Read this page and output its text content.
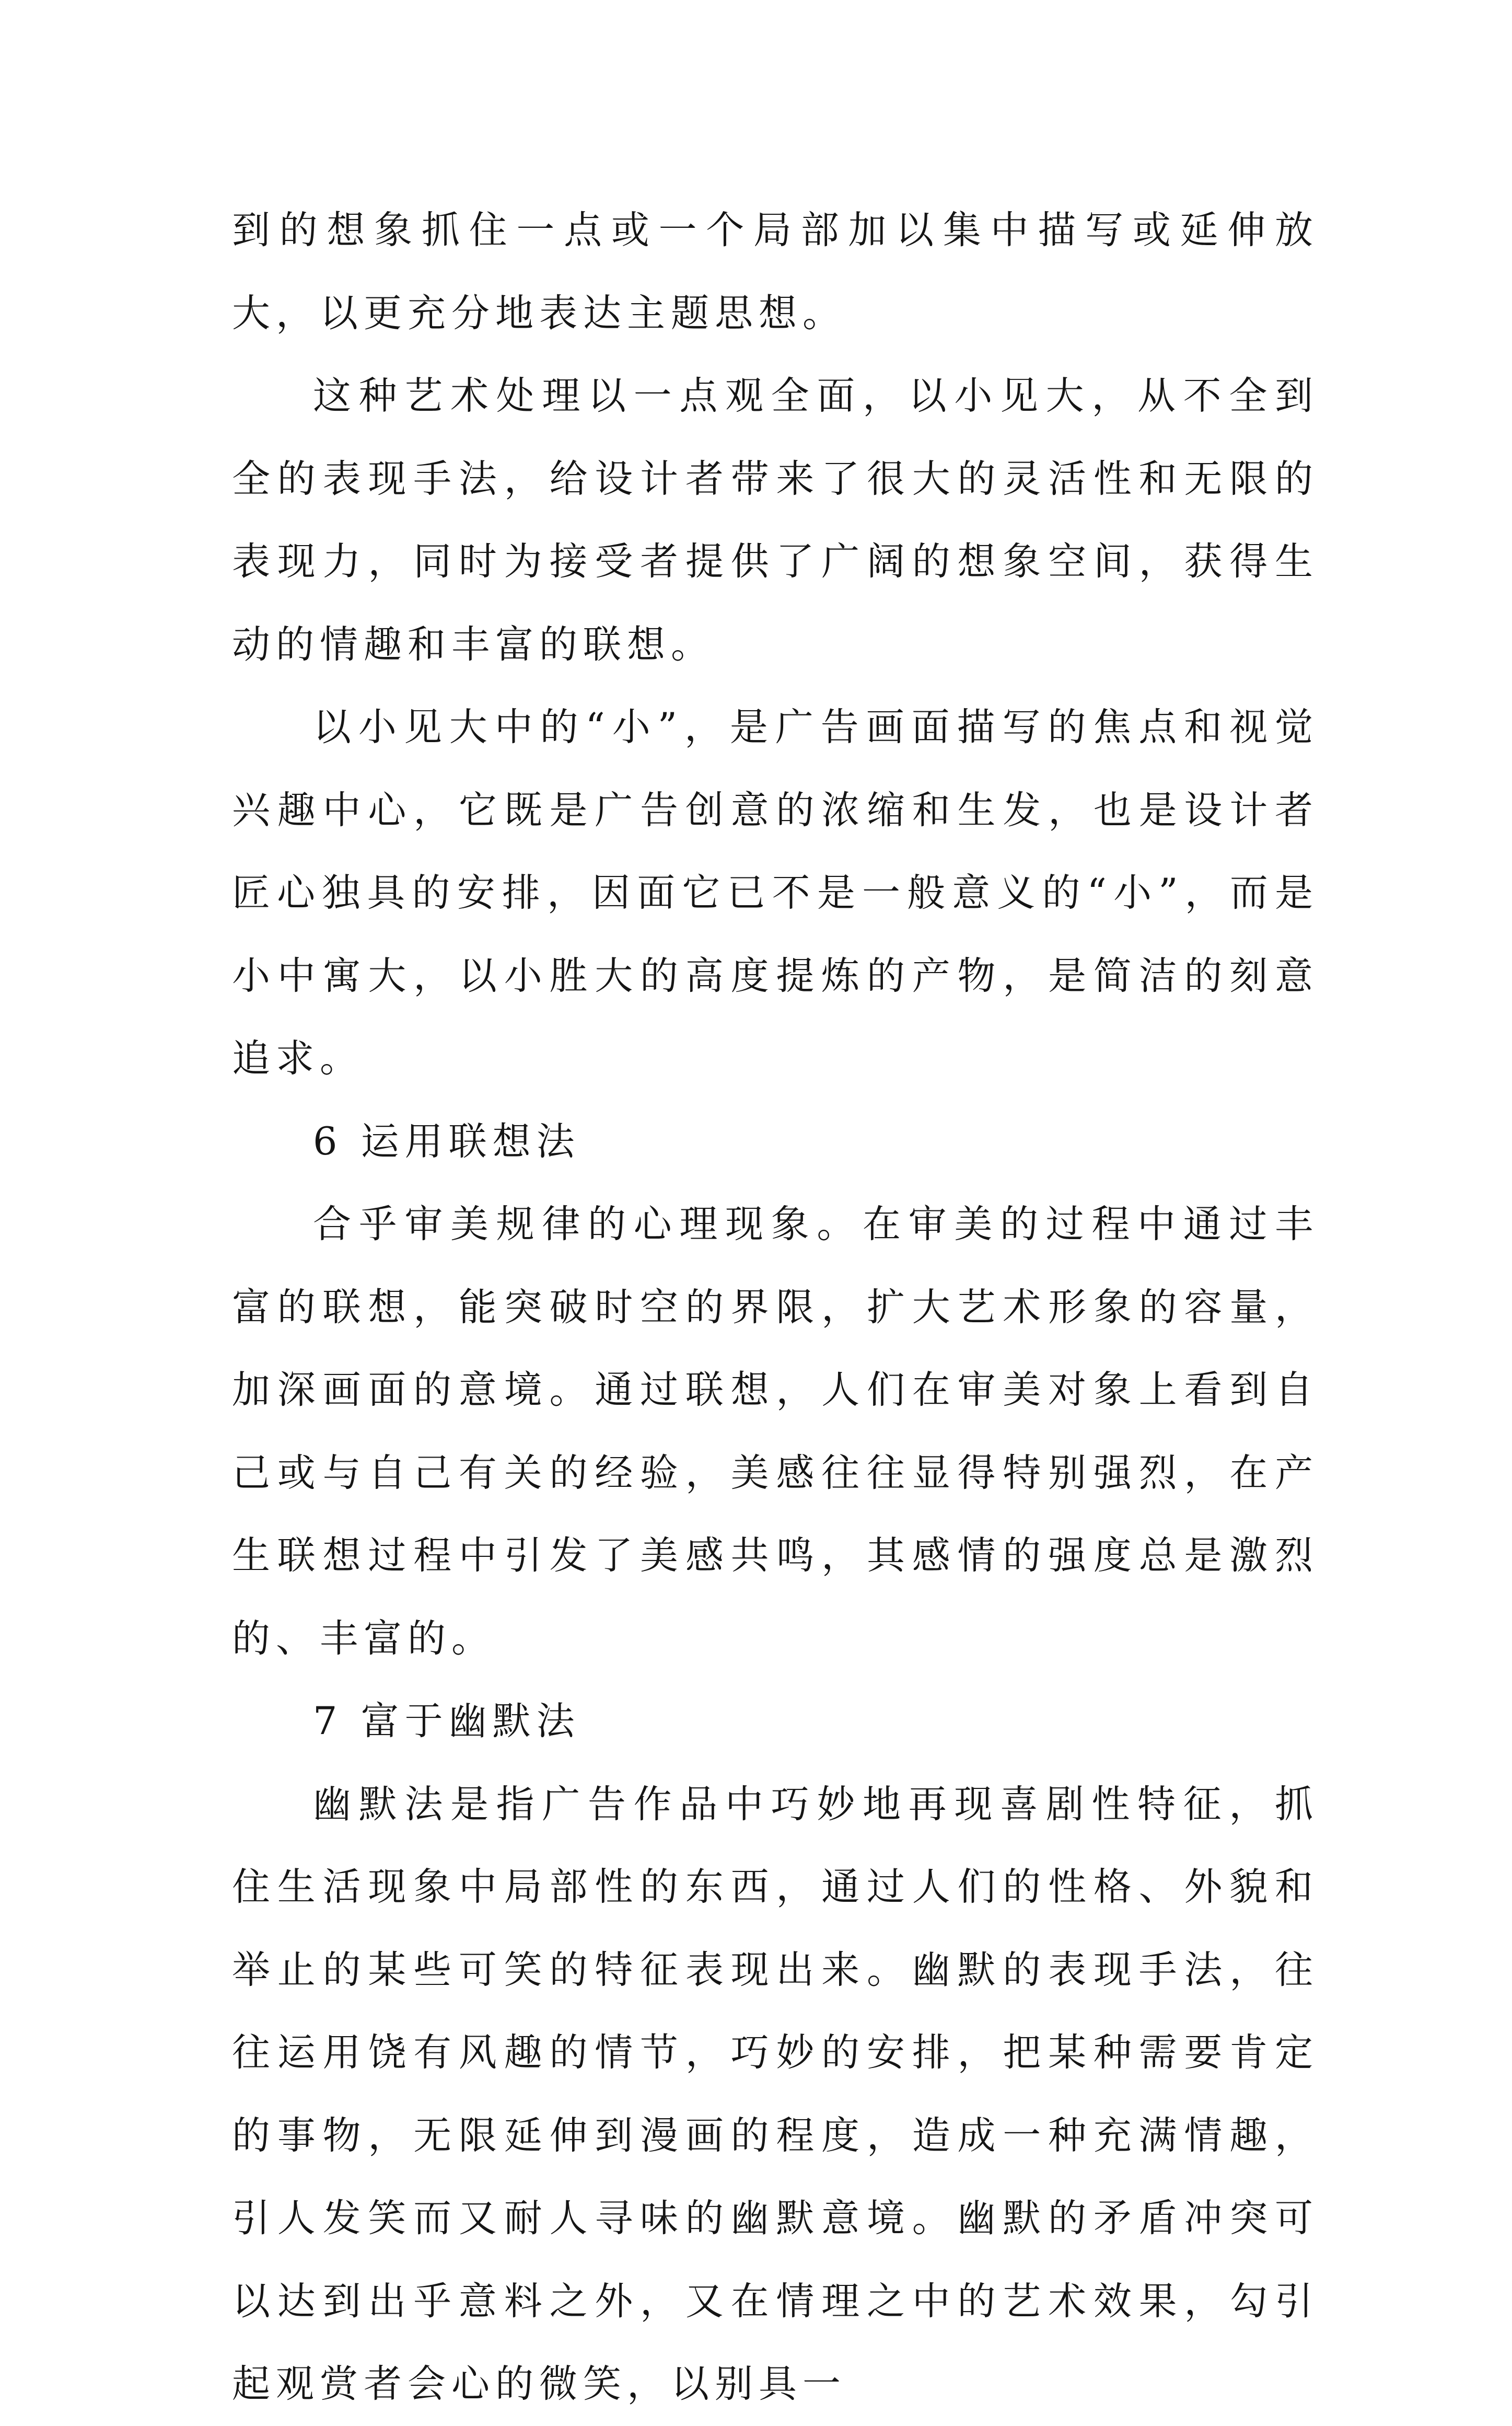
到的想象抓住一点或一个局部加以集中描写或延伸放大，以更充分地表达主题思想。

这种艺术处理以一点观全面，以小见大，从不全到全的表现手法，给设计者带来了很大的灵活性和无限的表现力，同时为接受者提供了广阔的想象空间，获得生动的情趣和丰富的联想。

以小见大中的“小”，是广告画面描写的焦点和视觉兴趣中心，它既是广告创意的浓缩和生发，也是设计者匠心独具的安排，因面它已不是一般意义的“小”，而是小中寓大，以小胜大的高度提炼的产物，是简洁的刻意追求。

6 运用联想法

合乎审美规律的心理现象。在审美的过程中通过丰富的联想，能突破时空的界限，扩大艺术形象的容量，加深画面的意境。通过联想，人们在审美对象上看到自己或与自己有关的经验，美感往往显得特别强烈，在产生联想过程中引发了美感共鸣，其感情的强度总是激烈的、丰富的。

7 富于幽默法

幽默法是指广告作品中巧妙地再现喜剧性特征，抓住生活现象中局部性的东西，通过人们的性格、外貌和举止的某些可笑的特征表现出来。幽默的表现手法，往往运用饶有风趣的情节，巧妙的安排，把某种需要肯定的事物，无限延伸到漫画的程度，造成一种充满情趣，引人发笑而又耐人寻味的幽默意境。幽默的矛盾冲突可以达到出乎意料之外，又在情理之中的艺术效果，勾引起观赏者会心的微笑，以别具一
